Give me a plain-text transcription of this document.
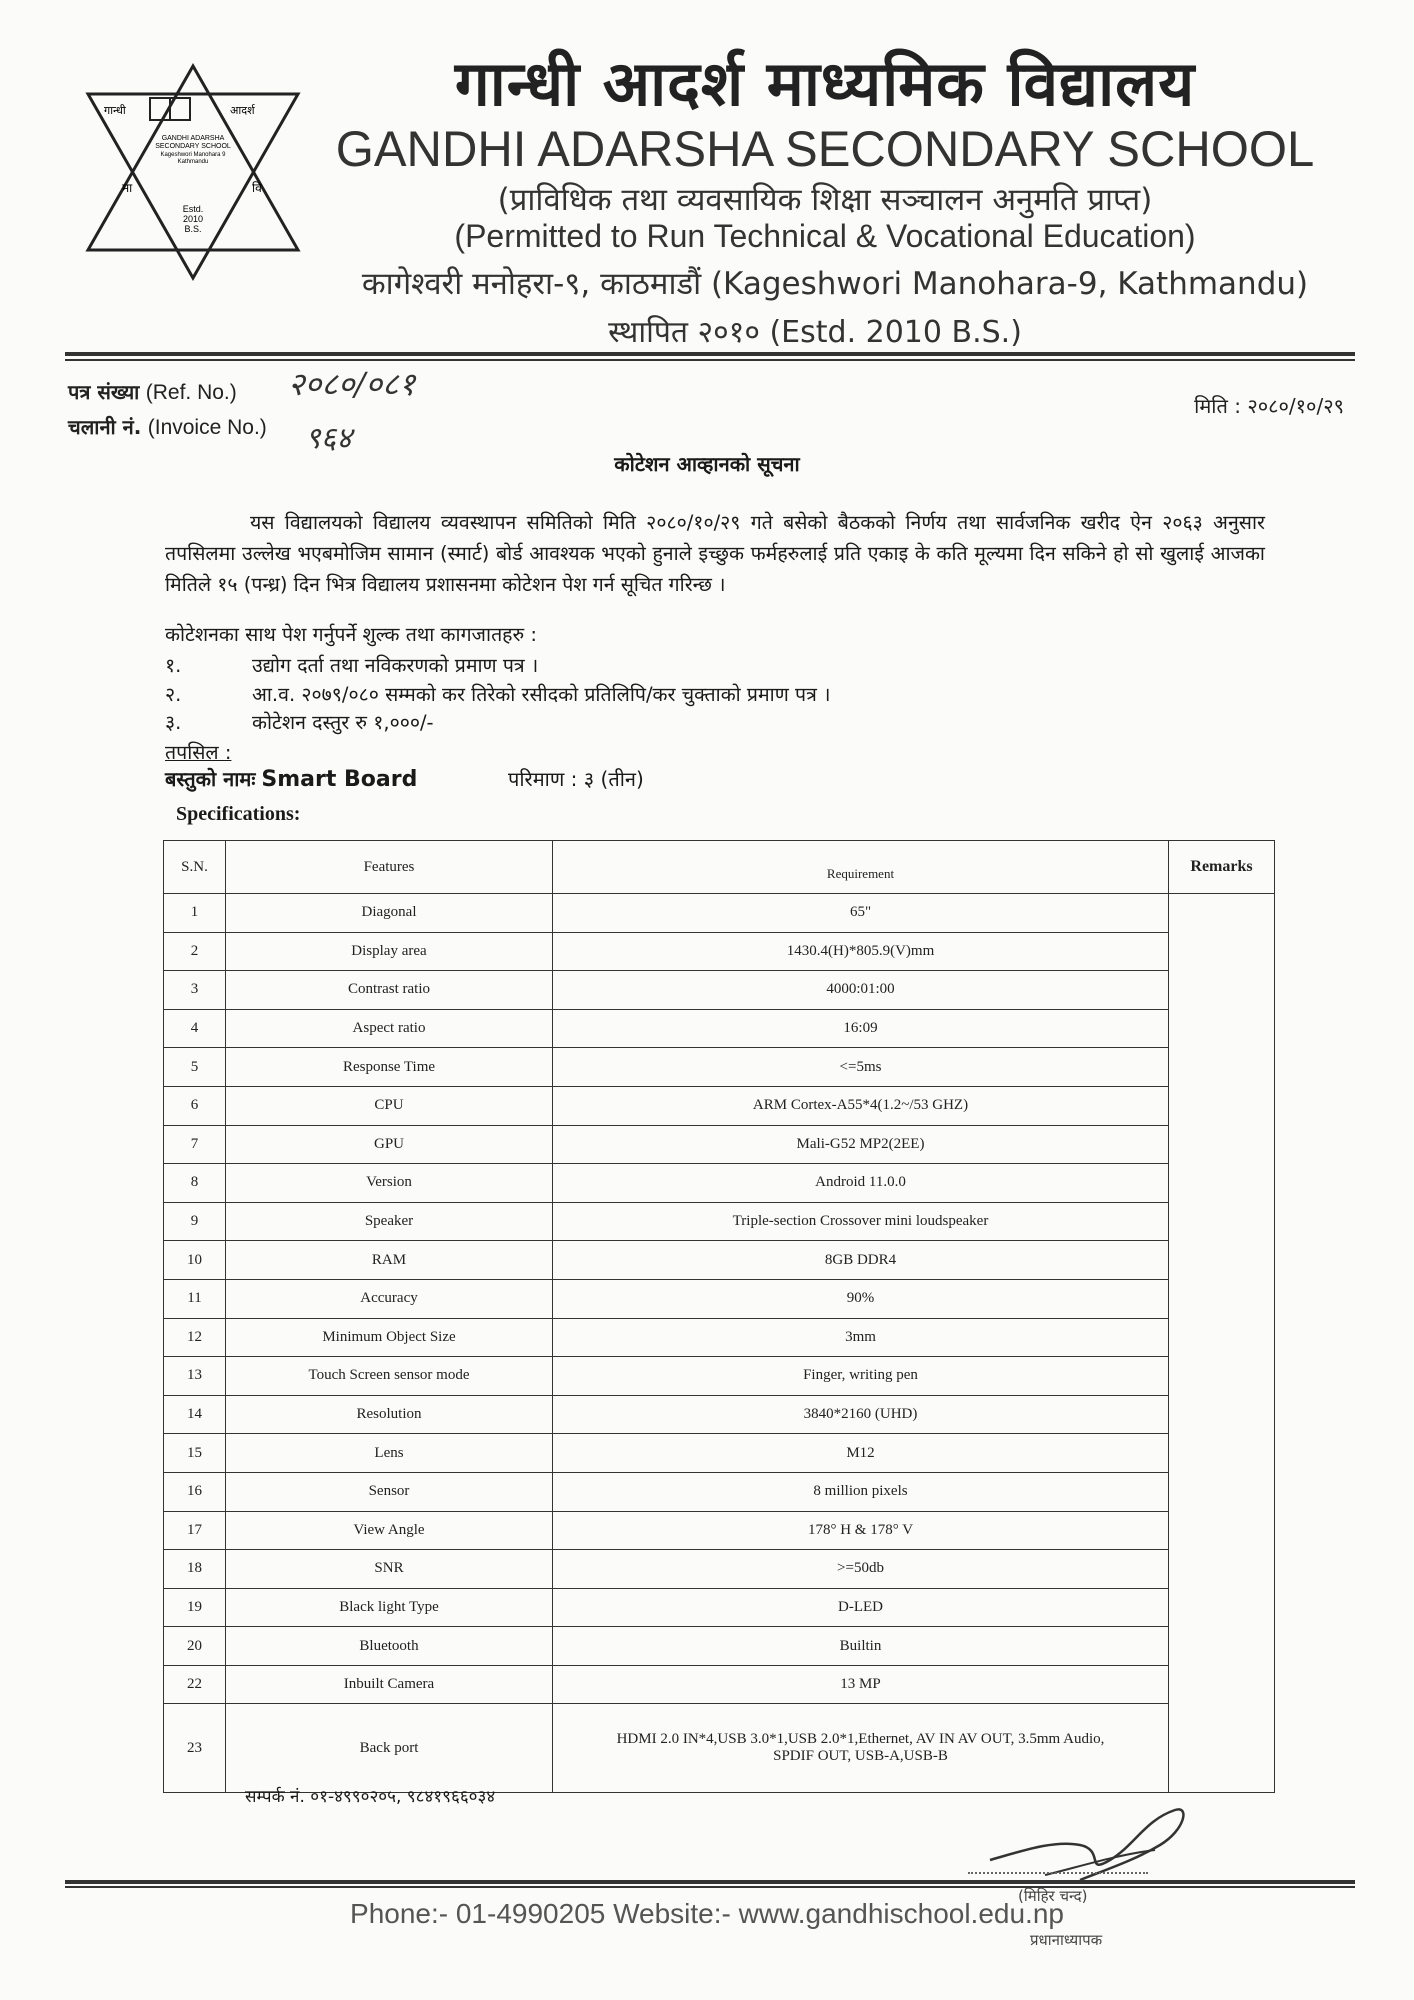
गान्धी	आदर्श
GANDHI ADARSHA
SECONDARY SCHOOL
Kageshwori Manohara 9
Kathmandu
मा	वि
Estd.
2010
B.S.
गान्धी आदर्श माध्यमिक विद्यालय
GANDHI ADARSHA SECONDARY SCHOOL
(प्राविधिक तथा व्यवसायिक शिक्षा सञ्चालन अनुमति प्राप्त)
(Permitted to Run Technical & Vocational Education)
कागेश्वरी मनोहरा-९, काठमाडौं (Kageshwori Manohara-9, Kathmandu)
स्थापित २०१० (Estd. 2010 B.S.)
पत्र संख्या (Ref. No.) २०८०/०८१
चलानी नं. (Invoice No.) ९६४
मिति : २०८०/१०/२९
कोटेशन आव्हानको सूचना
यस विद्यालयको विद्यालय व्यवस्थापन समितिको मिति २०८०/१०/२९ गते बसेको बैठकको निर्णय तथा सार्वजनिक खरीद ऐन २०६३ अनुसार तपसिलमा उल्लेख भएबमोजिम सामान (स्मार्ट) बोर्ड आवश्यक भएको हुनाले इच्छुक फर्महरुलाई प्रति एकाइ के कति मूल्यमा दिन सकिने हो सो खुलाई आजका मितिले १५ (पन्ध्र) दिन भित्र विद्यालय प्रशासनमा कोटेशन पेश गर्न सूचित गरिन्छ ।
कोटेशनका साथ पेश गर्नुपर्ने शुल्क तथा कागजातहरु :
१.	उद्योग दर्ता तथा नविकरणको प्रमाण पत्र ।
२.	आ.व. २०७९/०८० सम्मको कर तिरेको रसीदको प्रतिलिपि/कर चुक्ताको प्रमाण पत्र ।
३.	कोटेशन दस्तुर रु १,०००/-
तपसिल :
बस्तुको नामः Smart Board	परिमाण : ३ (तीन)
Specifications:
S.N.	Features	Requirement	Remarks
1	Diagonal	65"	
2	Display area	1430.4(H)*805.9(V)mm	
3	Contrast ratio	4000:01:00	
4	Aspect ratio	16:09	
5	Response Time	<=5ms	
6	CPU	ARM Cortex-A55*4(1.2~/53 GHZ)	
7	GPU	Mali-G52 MP2(2EE)	
8	Version	Android 11.0.0	
9	Speaker	Triple-section Crossover mini loudspeaker	
10	RAM	8GB DDR4	
11	Accuracy	90%	
12	Minimum Object Size	3mm	
13	Touch Screen sensor mode	Finger, writing pen	
14	Resolution	3840*2160 (UHD)	
15	Lens	M12	
16	Sensor	8 million pixels	
17	View Angle	178° H & 178° V	
18	SNR	>=50db	
19	Black light Type	D-LED	
20	Bluetooth	Builtin	
22	Inbuilt Camera	13 MP	
23	Back port	HDMI 2.0 IN*4,USB 3.0*1,USB 2.0*1,Ethernet, AV IN AV OUT, 3.5mm Audio,
SPDIF OUT, USB-A,USB-B	
सम्पर्क नं. ०१-४९९०२०५, ९८४१९६६०३४
(मिहिर चन्द)
Phone:- 01-4990205 Website:- www.gandhischool.edu.np
प्रधानाध्यापक
